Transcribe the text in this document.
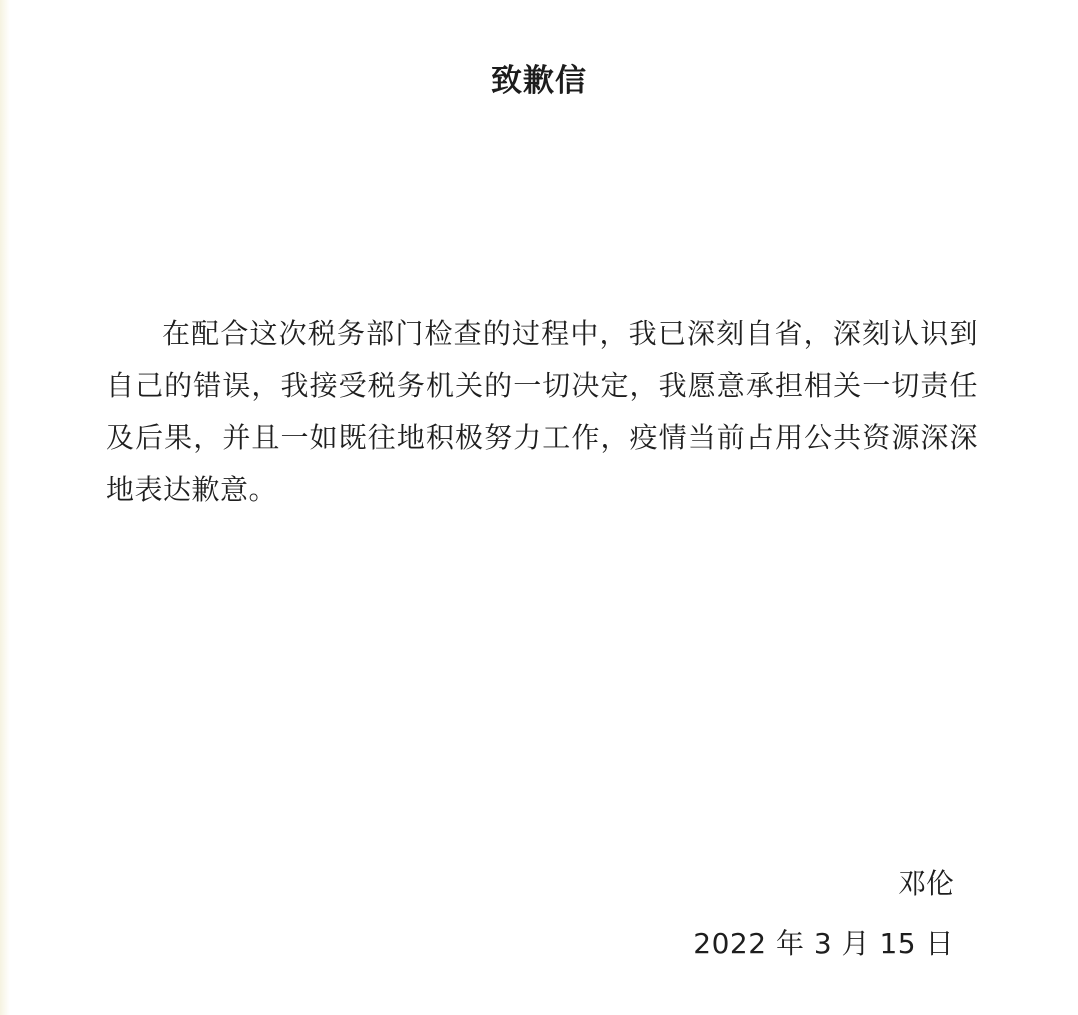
致歉信

在配合这次税务部门检查的过程中，我已深刻自省，深刻认识到自己的错误，我接受税务机关的一切决定，我愿意承担相关一切责任及后果，并且一如既往地积极努力工作，疫情当前占用公共资源深深地表达歉意。

邓伦
2022 年 3 月 15 日
